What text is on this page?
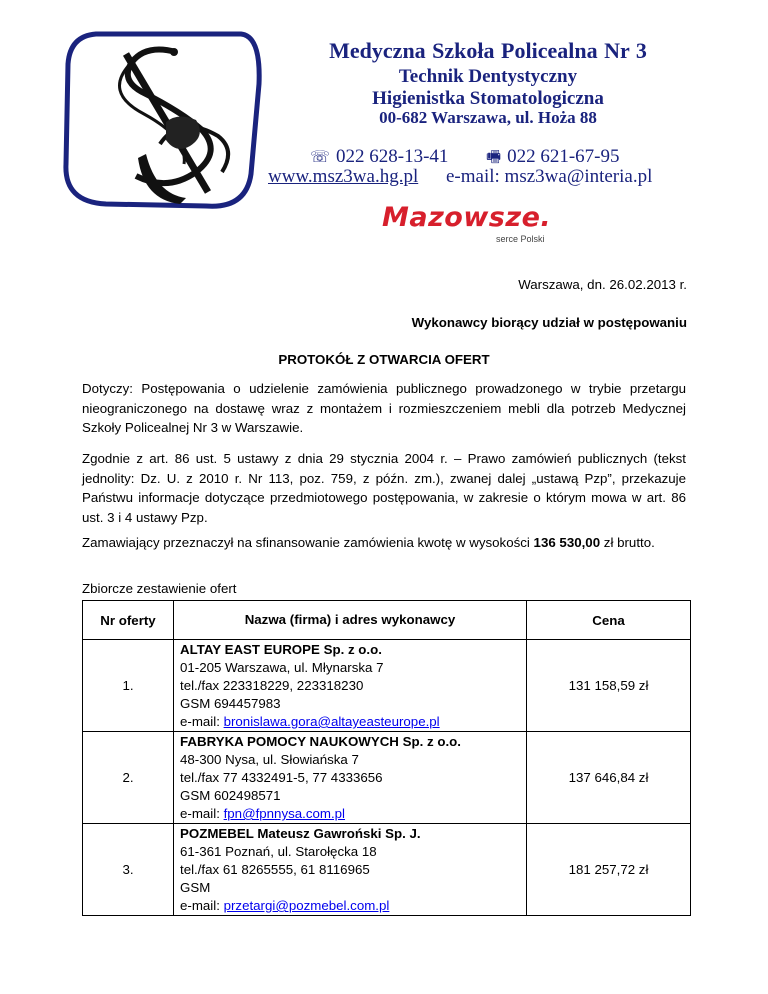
Medyczna Szkoła Policealna Nr 3
Technik Dentystyczny
Higienistka Stomatologiczna
00-682 Warszawa, ul. Hoża 88
☏ 022 628-13-41 🖷 022 621-67-95
www.msz3wa.hg.pl e-mail: msz3wa@interia.pl
Mazowsze.
serce Polski
Warszawa, dn. 26.02.2013 r.
Wykonawcy biorący udział w postępowaniu
PROTOKÓŁ Z OTWARCIA OFERT
Dotyczy: Postępowania o udzielenie zamówienia publicznego prowadzonego w trybie przetargu nieograniczonego na dostawę wraz z montażem i rozmieszczeniem mebli dla potrzeb Medycznej Szkoły Policealnej Nr 3 w Warszawie.
Zgodnie z art. 86 ust. 5 ustawy z dnia 29 stycznia 2004 r. – Prawo zamówień publicznych (tekst jednolity: Dz. U. z 2010 r. Nr 113, poz. 759, z późn. zm.), zwanej dalej „ustawą Pzp”, przekazuje Państwu informacje dotyczące przedmiotowego postępowania, w zakresie o którym mowa w art. 86 ust. 3 i 4 ustawy Pzp.
Zamawiający przeznaczył na sfinansowanie zamówienia kwotę w wysokości 136 530,00 zł brutto.
Zbiorcze zestawienie ofert
Nr oferty	Nazwa (firma) i adres wykonawcy	Cena
1.	ALTAY EAST EUROPE Sp. z o.o.
01-205 Warszawa, ul. Młynarska 7
tel./fax 223318229, 223318230
GSM 694457983
e-mail: bronislawa.gora@altayeasteurope.pl	131 158,59 zł
2.	FABRYKA POMOCY NAUKOWYCH Sp. z o.o.
48-300 Nysa, ul. Słowiańska 7
tel./fax 77 4332491-5, 77 4333656
GSM 602498571
e-mail: fpn@fpnnysa.com.pl	137 646,84 zł
3.	POZMEBEL Mateusz Gawroński Sp. J.
61-361 Poznań, ul. Starołęcka 18
tel./fax 61 8265555, 61 8116965
GSM
e-mail: przetargi@pozmebel.com.pl	181 257,72 zł
